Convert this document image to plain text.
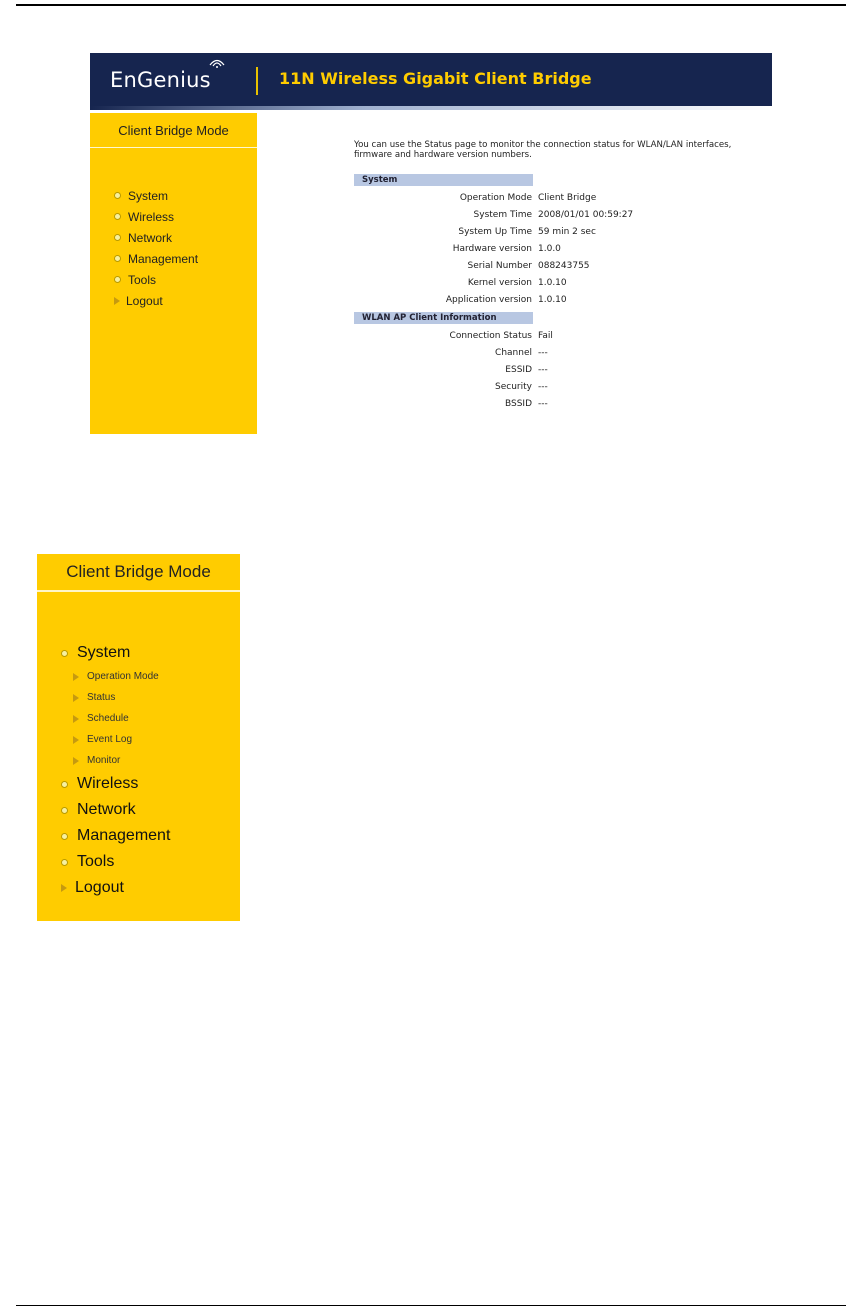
EnGenius	11N Wireless Gigabit Client Bridge
Client Bridge Mode
System
Wireless
Network
Management
Tools
Logout
You can use the Status page to monitor the connection status for WLAN/LAN interfaces, firmware and hardware version numbers.
System
Operation Mode Client Bridge
System Time 2008/01/01 00:59:27
System Up Time 59 min 2 sec
Hardware version 1.0.0
Serial Number 088243755
Kernel version 1.0.10
Application version 1.0.10
WLAN AP Client Information
Connection Status Fail
Channel ---
ESSID ---
Security ---
BSSID ---
Client Bridge Mode
System
Operation Mode
Status
Schedule
Event Log
Monitor
Wireless
Network
Management
Tools
Logout
